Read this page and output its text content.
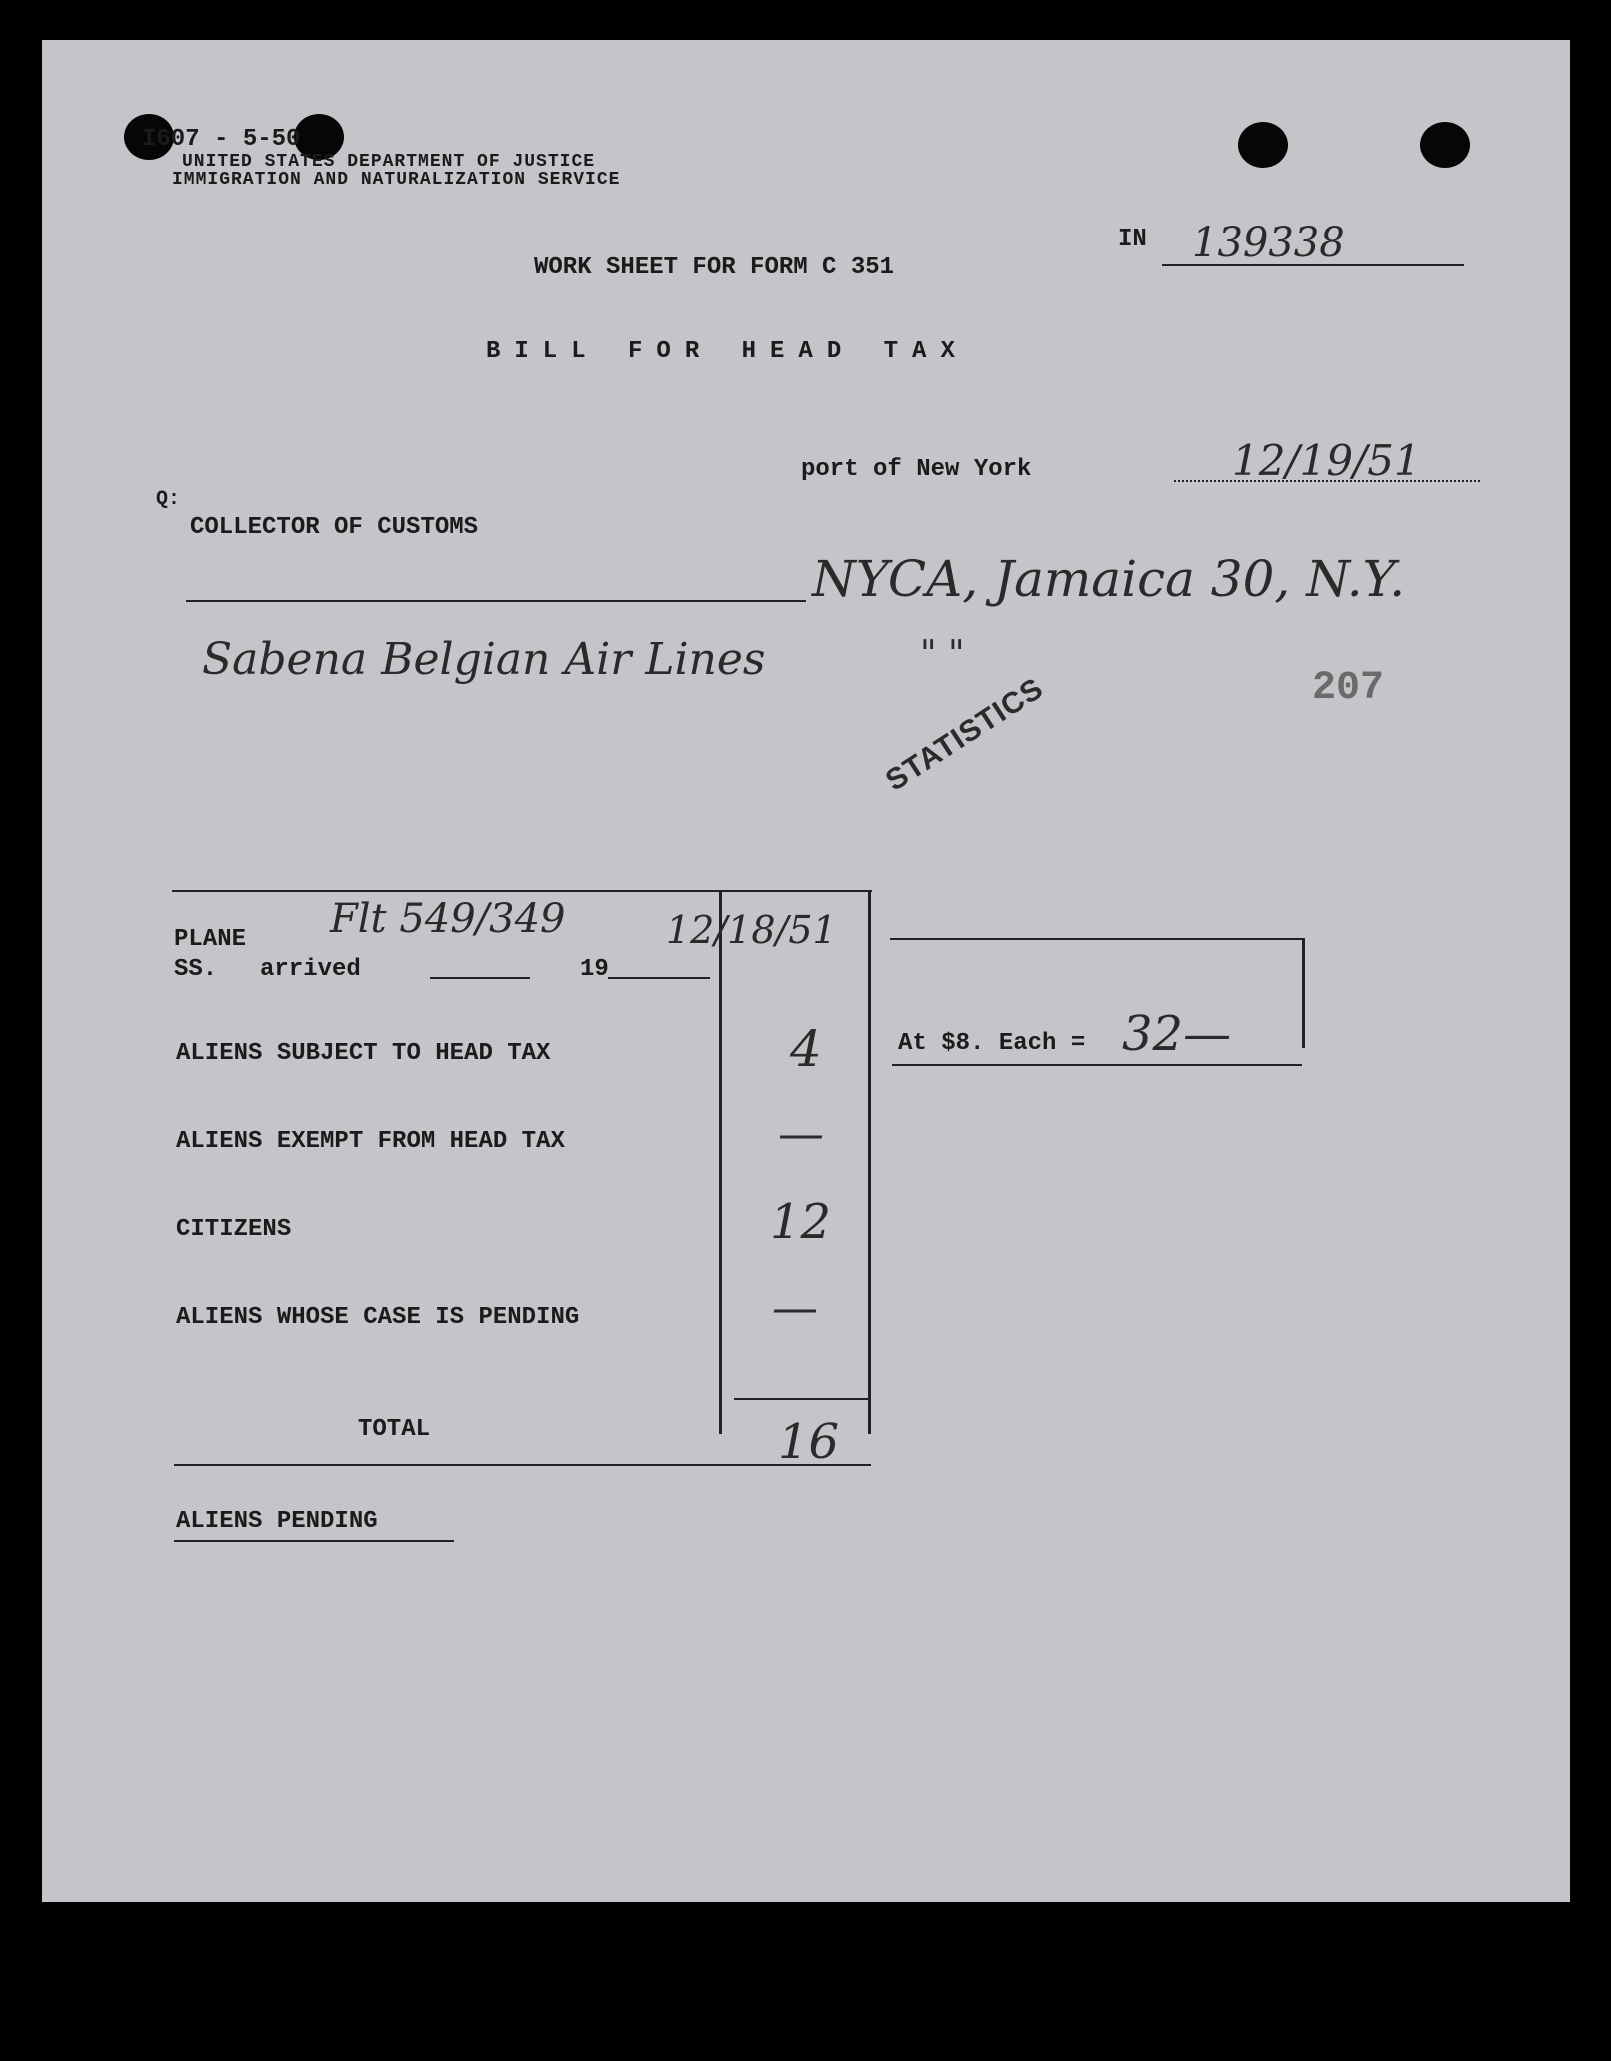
I607 - 5-50
UNITED STATES DEPARTMENT OF JUSTICE
IMMIGRATION AND NATURALIZATION SERVICE
IN 139338
WORK SHEET FOR FORM C 351
BILL FOR HEAD TAX
port of New York	12/19/51
Q:
COLLECTOR OF CUSTOMS
NYCA, Jamaica 30, N.Y.
Sabena Belgian Air Lines	" "
207
STATISTICS
PLANE
SS. arrived	19
Flt 549/349	12/18/51
ALIENS SUBJECT TO HEAD TAX	4
ALIENS EXEMPT FROM HEAD TAX	—
CITIZENS	12
ALIENS WHOSE CASE IS PENDING	—
TOTAL	16
At $8. Each = 32—
ALIENS PENDING
